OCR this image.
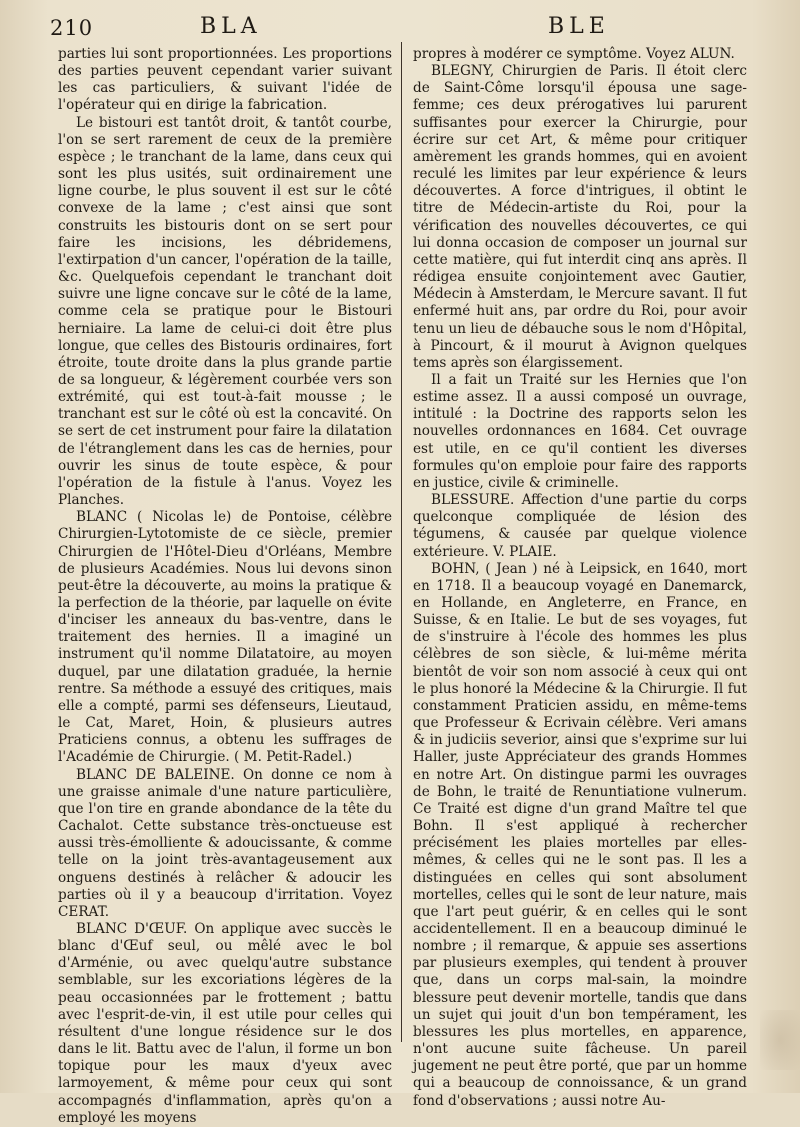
210	BLA	BLE

parties lui sont proportionnées. Les proportions des parties peuvent cependant varier suivant les cas particuliers, & suivant l'idée de l'opérateur qui en dirige la fabrication.

Le bistouri est tantôt droit, & tantôt courbe, l'on se sert rarement de ceux de la première espèce ; le tranchant de la lame, dans ceux qui sont les plus usités, suit ordinairement une ligne courbe, le plus souvent il est sur le côté convexe de la lame ; c'est ainsi que sont construits les bistouris dont on se sert pour faire les incisions, les débridemens, l'extirpation d'un cancer, l'opération de la taille, &c. Quelquefois cependant le tranchant doit suivre une ligne concave sur le côté de la lame, comme cela se pratique pour le Bistouri herniaire. La lame de celui-ci doit être plus longue, que celles des Bistouris ordinaires, fort étroite, toute droite dans la plus grande partie de sa longueur, & légèrement courbée vers son extrémité, qui est tout-à-fait mousse ; le tranchant est sur le côté où est la concavité. On se sert de cet instrument pour faire la dilatation de l'étranglement dans les cas de hernies, pour ouvrir les sinus de toute espèce, & pour l'opération de la fistule à l'anus. Voyez les Planches.

BLANC ( Nicolas le) de Pontoise, célèbre Chirurgien-Lytotomiste de ce siècle, premier Chirurgien de l'Hôtel-Dieu d'Orléans, Membre de plusieurs Académies. Nous lui devons sinon peut-être la découverte, au moins la pratique & la perfection de la théorie, par laquelle on évite d'inciser les anneaux du bas-ventre, dans le traitement des hernies. Il a imaginé un instrument qu'il nomme Dilatatoire, au moyen duquel, par une dilatation graduée, la hernie rentre. Sa méthode a essuyé des critiques, mais elle a compté, parmi ses défenseurs, Lieutaud, le Cat, Maret, Hoin, & plusieurs autres Praticiens connus, a obtenu les suffrages de l'Académie de Chirurgie. ( M. Petit-Radel.)

BLANC DE BALEINE. On donne ce nom à une graisse animale d'une nature particulière, que l'on tire en grande abondance de la tête du Cachalot. Cette substance très-onctueuse est aussi très-émolliente & adoucissante, & comme telle on la joint très-avantageusement aux onguens destinés à relâcher & adoucir les parties où il y a beaucoup d'irritation. Voyez CERAT.

BLANC D'ŒUF. On applique avec succès le blanc d'Œuf seul, ou mêlé avec le bol d'Arménie, ou avec quelqu'autre substance semblable, sur les excoriations légères de la peau occasionnées par le frottement ; battu avec l'esprit-de-vin, il est utile pour celles qui résultent d'une longue résidence sur le dos dans le lit. Battu avec de l'alun, il forme un bon topique pour les maux d'yeux avec larmoyement, & même pour ceux qui sont accompagnés d'inflammation, après qu'on a employé les moyens

propres à modérer ce symptôme. Voyez ALUN.

BLEGNY, Chirurgien de Paris. Il étoit clerc de Saint-Côme lorsqu'il épousa une sage-femme; ces deux prérogatives lui parurent suffisantes pour exercer la Chirurgie, pour écrire sur cet Art, & même pour critiquer amèrement les grands hommes, qui en avoient reculé les limites par leur expérience & leurs découvertes. A force d'intrigues, il obtint le titre de Médecin-artiste du Roi, pour la vérification des nouvelles découvertes, ce qui lui donna occasion de composer un journal sur cette matière, qui fut interdit cinq ans après. Il rédigea ensuite conjointement avec Gautier, Médecin à Amsterdam, le Mercure savant. Il fut enfermé huit ans, par ordre du Roi, pour avoir tenu un lieu de débauche sous le nom d'Hôpital, à Pincourt, & il mourut à Avignon quelques tems après son élargissement.

Il a fait un Traité sur les Hernies que l'on estime assez. Il a aussi composé un ouvrage, intitulé : la Doctrine des rapports selon les nouvelles ordonnances en 1684. Cet ouvrage est utile, en ce qu'il contient les diverses formules qu'on emploie pour faire des rapports en justice, civile & criminelle.

BLESSURE. Affection d'une partie du corps quelconque compliquée de lésion des tégumens, & causée par quelque violence extérieure. V. PLAIE.

BOHN, ( Jean ) né à Leipsick, en 1640, mort en 1718. Il a beaucoup voyagé en Danemarck, en Hollande, en Angleterre, en France, en Suisse, & en Italie. Le but de ses voyages, fut de s'instruire à l'école des hommes les plus célèbres de son siècle, & lui-même mérita bientôt de voir son nom associé à ceux qui ont le plus honoré la Médecine & la Chirurgie. Il fut constamment Praticien assidu, en même-tems que Professeur & Ecrivain célèbre. Veri amans & in judiciis severior, ainsi que s'exprime sur lui Haller, juste Appréciateur des grands Hommes en notre Art. On distingue parmi les ouvrages de Bohn, le traité de Renuntiatione vulnerum. Ce Traité est digne d'un grand Maître tel que Bohn. Il s'est appliqué à rechercher précisément les plaies mortelles par elles-mêmes, & celles qui ne le sont pas. Il les a distinguées en celles qui sont absolument mortelles, celles qui le sont de leur nature, mais que l'art peut guérir, & en celles qui le sont accidentellement. Il en a beaucoup diminué le nombre ; il remarque, & appuie ses assertions par plusieurs exemples, qui tendent à prouver que, dans un corps mal-sain, la moindre blessure peut devenir mortelle, tandis que dans un sujet qui jouit d'un bon tempérament, les blessures les plus mortelles, en apparence, n'ont aucune suite fâcheuse. Un pareil jugement ne peut être porté, que par un homme qui a beaucoup de connoissance, & un grand fond d'observations ; aussi notre Au-
